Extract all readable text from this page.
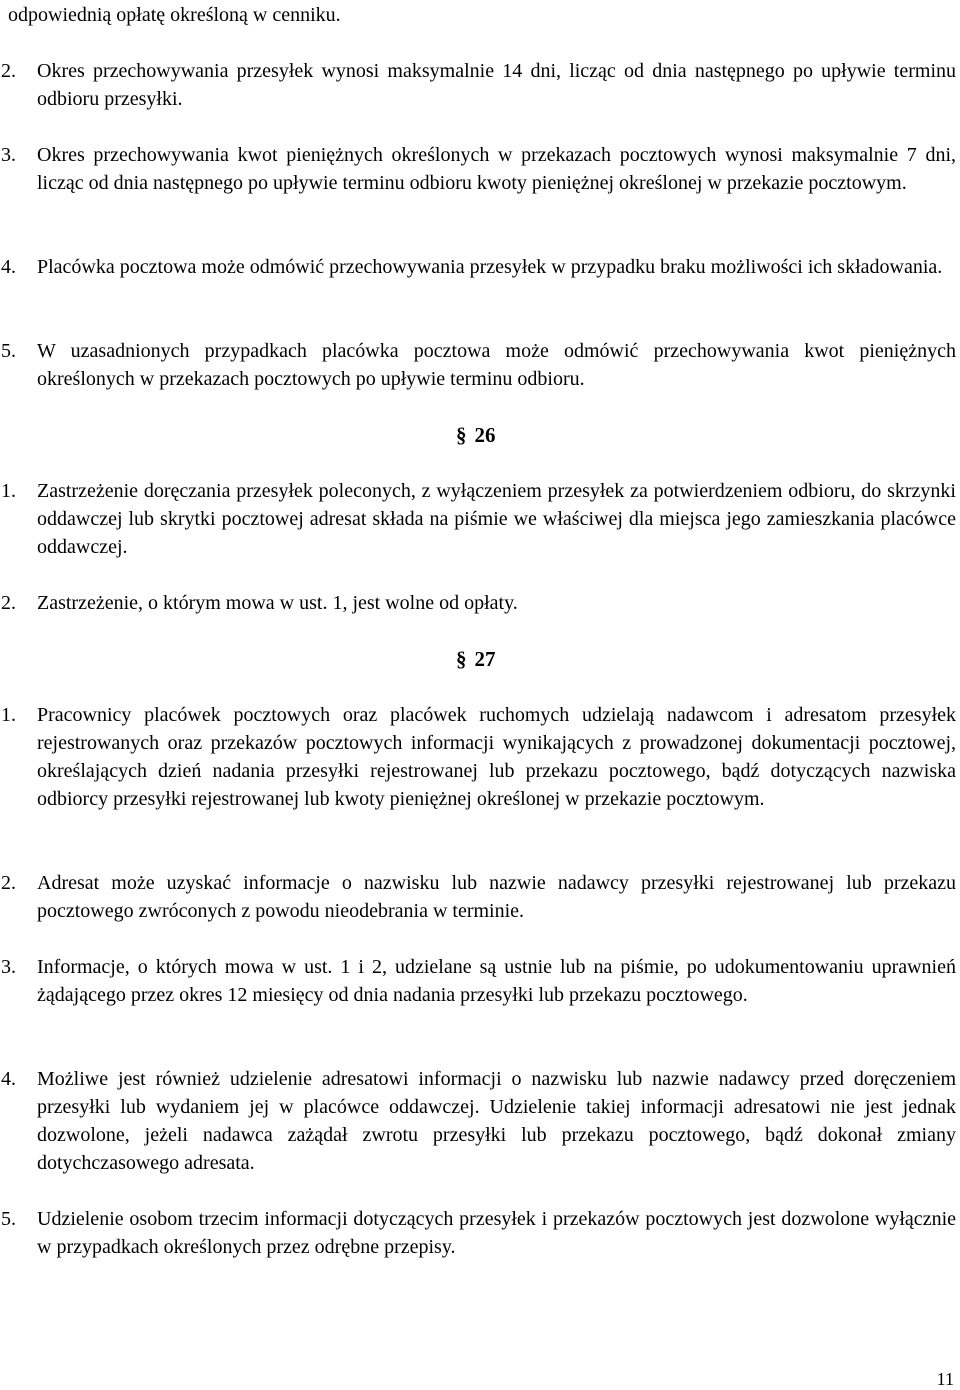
odpowiednią opłatę określoną w cenniku.

2.	Okres przechowywania przesyłek wynosi maksymalnie 14 dni, licząc od dnia następnego po upływie terminu odbioru przesyłki.
3.	Okres przechowywania kwot pieniężnych określonych w przekazach pocztowych wynosi maksymalnie 7 dni, licząc od dnia następnego po upływie terminu odbioru kwoty pieniężnej określonej w przekazie pocztowym.
4.	Placówka pocztowa może odmówić przechowywania przesyłek w przypadku braku możliwości ich składowania.
5.	W uzasadnionych przypadkach placówka pocztowa może odmówić przechowywania kwot pieniężnych określonych w przekazach pocztowych po upływie terminu odbioru.
§ 26
1.	Zastrzeżenie doręczania przesyłek poleconych, z wyłączeniem przesyłek za potwierdzeniem odbioru, do skrzynki oddawczej lub skrytki pocztowej adresat składa na piśmie we właściwej dla miejsca jego zamieszkania placówce oddawczej.
2.	Zastrzeżenie, o którym mowa w ust. 1, jest wolne od opłaty.
§ 27
1.	Pracownicy placówek pocztowych oraz placówek ruchomych udzielają nadawcom i adresatom przesyłek rejestrowanych oraz przekazów pocztowych informacji wynikających z prowadzonej dokumentacji pocztowej, określających dzień nadania przesyłki rejestrowanej lub przekazu pocztowego, bądź dotyczących nazwiska odbiorcy przesyłki rejestrowanej lub kwoty pieniężnej określonej w przekazie pocztowym.
2.	Adresat może uzyskać informacje o nazwisku lub nazwie nadawcy przesyłki rejestrowanej lub przekazu pocztowego zwróconych z powodu nieodebrania w terminie.
3.	Informacje, o których mowa w ust. 1 i 2, udzielane są ustnie lub na piśmie, po udokumentowaniu uprawnień żądającego przez okres 12 miesięcy od dnia nadania przesyłki lub przekazu pocztowego.
4.	Możliwe jest również udzielenie adresatowi informacji o nazwisku lub nazwie nadawcy przed doręczeniem przesyłki lub wydaniem jej w placówce oddawczej. Udzielenie takiej informacji adresatowi nie jest jednak dozwolone, jeżeli nadawca zażądał zwrotu przesyłki lub przekazu pocztowego, bądź dokonał zmiany dotychczasowego adresata.
5.	Udzielenie osobom trzecim informacji dotyczących przesyłek i przekazów pocztowych jest dozwolone wyłącznie w przypadkach określonych przez odrębne przepisy.
11
